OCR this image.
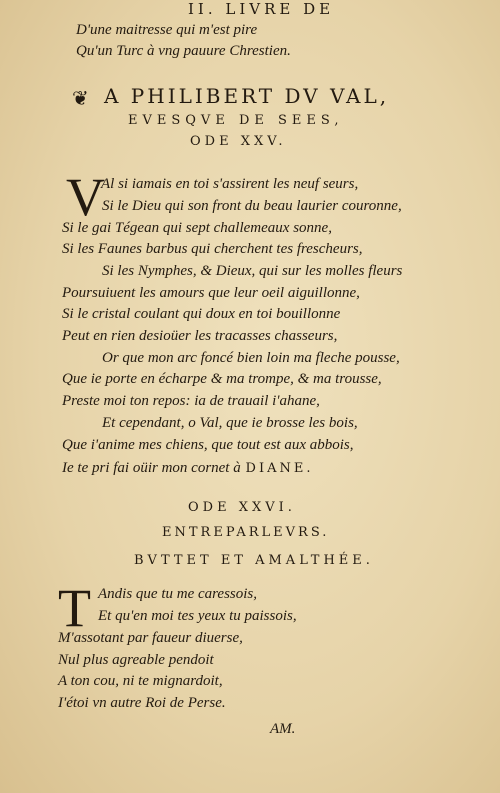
II. LIVRE DE
D'une maitresse qui m'est pire
Qu'un Turc à vng pauure Chrestien.
❦ A PHILIBERT DV VAL,
EVESQVE DE SEES,
ODE XXV.
V
Al si iamais en toi s'assirent les neuf seurs,
Si le Dieu qui son front du beau laurier couronne,
Si le gai Tégean qui sept challemeaux sonne,
Si les Faunes barbus qui cherchent tes frescheurs,
Si les Nymphes, & Dieux, qui sur les molles fleurs
Poursuiuent les amours que leur oeil aiguillonne,
Si le cristal coulant qui doux en toi bouillonne
Peut en rien desioüer les tracasses chasseurs,
Or que mon arc foncé bien loin ma fleche pousse,
Que ie porte en écharpe & ma trompe, & ma trousse,
Preste moi ton repos: ia de trauail i'ahane,
Et cependant, o Val, que ie brosse les bois,
Que i'anime mes chiens, que tout est aux abbois,
Ie te pri fai oüir mon cornet à DIANE.
ODE XXVI.
ENTREPARLEVRS.
BVTTET ET AMALTHÉE.
T Andis que tu me caressois,
Et qu'en moi tes yeux tu paissois,
M'assotant par faueur diuerse,
Nul plus agreable pendoit
A ton cou, ni te mignardoit,
I'étoi vn autre Roi de Perse.
AM.
